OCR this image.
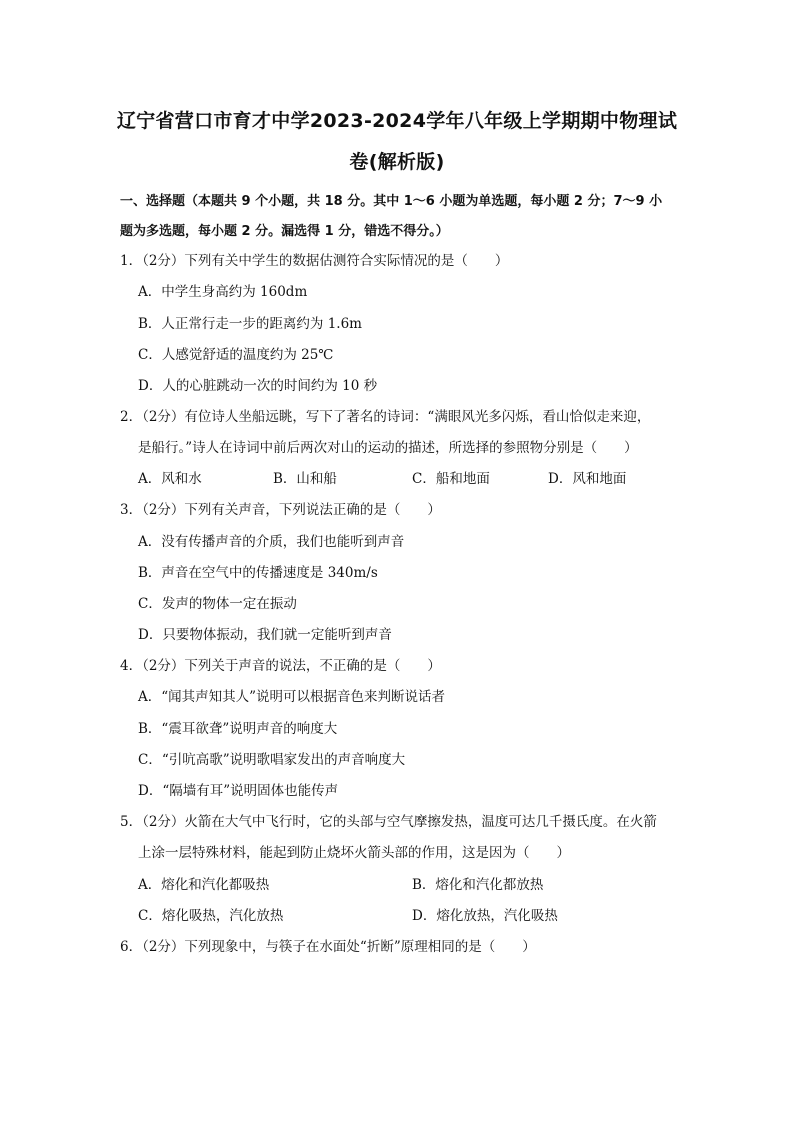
辽宁省营口市育才中学2023-2024学年八年级上学期期中物理试
卷(解析版)
一、选择题（本题共 9 个小题，共 18 分。其中 1～6 小题为单选题，每小题 2 分；7～9 小
题为多选题，每小题 2 分。漏选得 1 分，错选不得分。）
1．（2分）下列有关中学生的数据估测符合实际情况的是（　　）
A．中学生身高约为 160dm
B．人正常行走一步的距离约为 1.6m
C．人感觉舒适的温度约为 25℃
D．人的心脏跳动一次的时间约为 10 秒
2．（2分）有位诗人坐船远眺，写下了著名的诗词：“满眼风光多闪烁，看山恰似走来迎，
是船行。”诗人在诗词中前后两次对山的运动的描述，所选择的参照物分别是（　　）
A．风和水	B．山和船	C．船和地面	D．风和地面
3．（2分）下列有关声音，下列说法正确的是（　　）
A．没有传播声音的介质，我们也能听到声音
B．声音在空气中的传播速度是 340m/s
C．发声的物体一定在振动
D．只要物体振动，我们就一定能听到声音
4．（2分）下列关于声音的说法，不正确的是（　　）
A．“闻其声知其人”说明可以根据音色来判断说话者
B．“震耳欲聋”说明声音的响度大
C．“引吭高歌”说明歌唱家发出的声音响度大
D．“隔墙有耳”说明固体也能传声
5．（2分）火箭在大气中飞行时，它的头部与空气摩擦发热，温度可达几千摄氏度。在火箭
上涂一层特殊材料，能起到防止烧坏火箭头部的作用，这是因为（　　）
A．熔化和汽化都吸热	B．熔化和汽化都放热
C．熔化吸热，汽化放热	D．熔化放热，汽化吸热
6．（2分）下列现象中，与筷子在水面处“折断”原理相同的是（　　）
